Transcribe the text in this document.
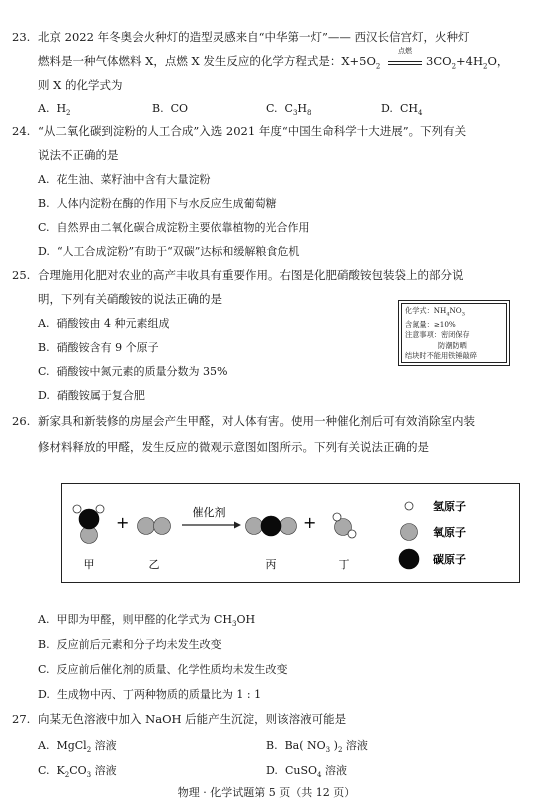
23. 北京 2022 年冬奥会火种灯的造型灵感来自“中华第一灯”—— 西汉长信宫灯，火种灯
燃料是一种气体燃料 X，点燃 X 发生反应的化学方程式是：$X+5O_2$
点燃
$3CO_2+4H_2O$，
则 X 的化学式为
A. $H_2$	B. CO	C. $C_3H_8$	D. $CH_4$
24. “从二氧化碳到淀粉的人工合成”入选 2021 年度“中国生命科学十大进展”。下列有关
说法不正确的是
A. 花生油、菜籽油中含有大量淀粉
B. 人体内淀粉在酶的作用下与水反应生成葡萄糖
C. 自然界由二氧化碳合成淀粉主要依靠植物的光合作用
D. “人工合成淀粉”有助于“双碳”达标和缓解粮食危机
25. 合理施用化肥对农业的高产丰收具有重要作用。右图是化肥硝酸铵包装袋上的部分说
明，下列有关硝酸铵的说法正确的是
A. 硝酸铵由 4 种元素组成
B. 硝酸铵含有 9 个原子
C. 硝酸铵中氮元素的质量分数为 35%
D. 硝酸铵属于复合肥
化学式：$NH_4NO_3$
含氮量：≥10%
注意事项：密闭保存
防潮防晒
结块时不能用铁锤敲碎
26. 新家具和新装修的房屋会产生甲醛，对人体有害。使用一种催化剂后可有效消除室内装
修材料释放的甲醛，发生反应的微观示意图如图所示。下列有关说法正确的是
+
催化剂
+
甲	乙	丙	丁
氢原子
氧原子
碳原子
A. 甲即为甲醛，则甲醛的化学式为 $CH_3OH$
B. 反应前后元素和分子均未发生改变
C. 反应前后催化剂的质量、化学性质均未发生改变
D. 生成物中丙、丁两种物质的质量比为 1 : 1
27. 向某无色溶液中加入 NaOH 后能产生沉淀，则该溶液可能是
A. MgCl$_2$ 溶液	B. Ba( $NO_3$ )$_2$ 溶液
C. $K_2CO_3$ 溶液	D. CuSO$_4$ 溶液
物理 · 化学试题第 5 页（共 12 页）
